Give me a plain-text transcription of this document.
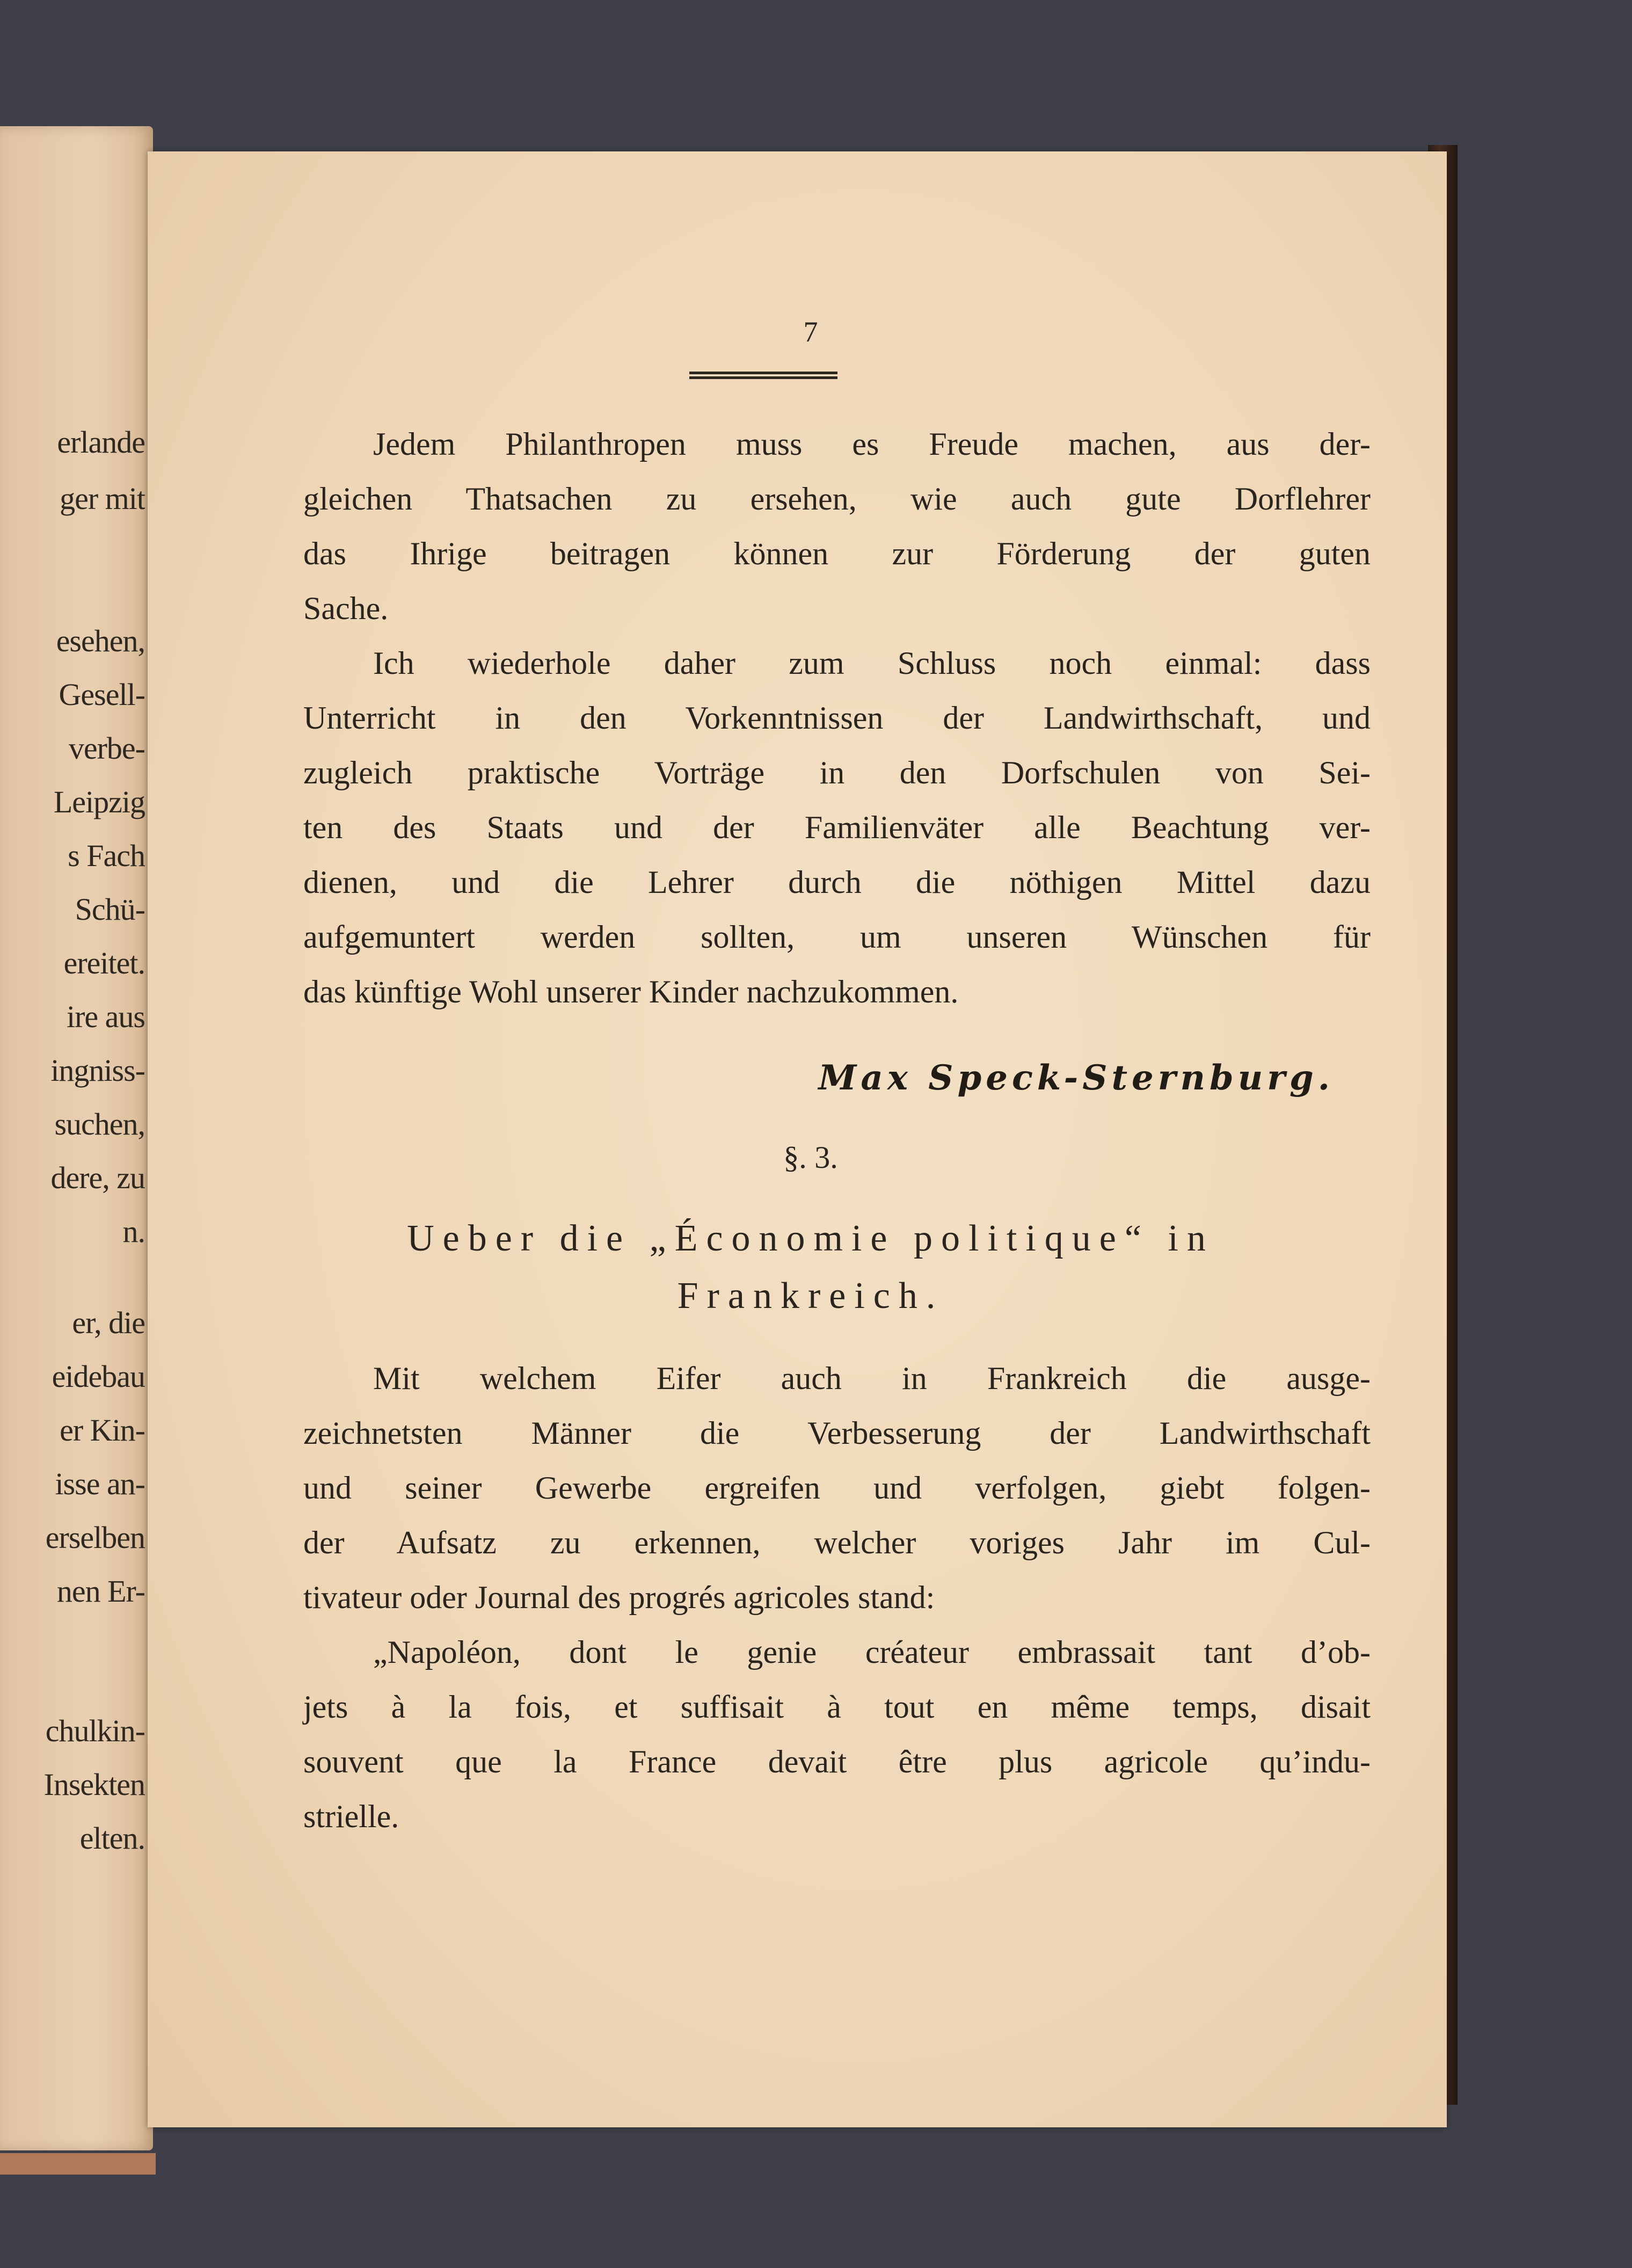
erlande
ger mit
esehen,
Gesell-
verbe-
Leipzig
s Fach
Schü-
ereitet.
ire aus
ingniss-
suchen,
dere, zu
n.
er, die
eidebau
er Kin-
isse an-
erselben
nen Er-
chulkin-
Insekten
elten.
7
Jedem Philanthropen muss es Freude machen, aus der-
gleichen Thatsachen zu ersehen, wie auch gute Dorflehrer
das Ihrige beitragen können zur Förderung der guten
Sache.
Ich wiederhole daher zum Schluss noch einmal: dass
Unterricht in den Vorkenntnissen der Landwirthschaft, und
zugleich praktische Vorträge in den Dorfschulen von Sei-
ten des Staats und der Familienväter alle Beachtung ver-
dienen, und die Lehrer durch die nöthigen Mittel dazu
aufgemuntert werden sollten, um unseren Wünschen für
das künftige Wohl unserer Kinder nachzukommen.
Max Speck-Sternburg.
§. 3.
Ueber die „Économie politique“ in
Frankreich.
Mit welchem Eifer auch in Frankreich die ausge-
zeichnetsten Männer die Verbesserung der Landwirthschaft
und seiner Gewerbe ergreifen und verfolgen, giebt folgen-
der Aufsatz zu erkennen, welcher voriges Jahr im Cul-
tivateur oder Journal des progrés agricoles stand:
„Napoléon, dont le genie créateur embrassait tant d’ob-
jets à la fois, et suffisait à tout en même temps, disait
souvent que la France devait être plus agricole qu’indu-
strielle.
